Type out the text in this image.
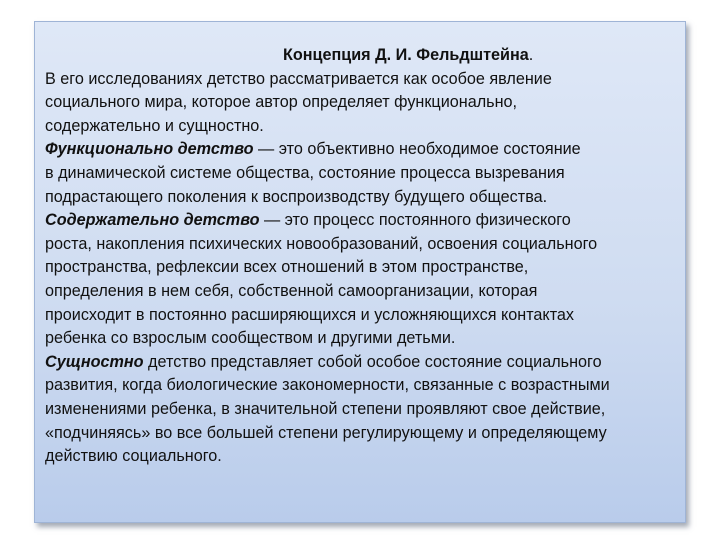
Концепция Д. И. Фельдштейна.
В его исследованиях детство рассматривается как особое явление
социального мира, которое автор определяет функционально,
содержательно и сущностно.
Функционально детство — это объективно необходимое состояние
в динамической системе общества, состояние процесса вызревания
подрастающего поколения к воспроизводству будущего общества.
Содержательно детство — это процесс постоянного физического
роста, накопления психических новообразований, освоения социального
пространства, рефлексии всех отношений в этом пространстве,
определения в нем себя, собственной самоорганизации, которая
происходит в постоянно расширяющихся и усложняющихся контактах
ребенка со взрослым сообществом и другими детьми.
Сущностно детство представляет собой особое состояние социального
развития, когда биологические закономерности, связанные с возрастными
изменениями ребенка, в значительной степени проявляют свое действие,
«подчиняясь» во все большей степени регулирующему и определяющему
действию социального.
